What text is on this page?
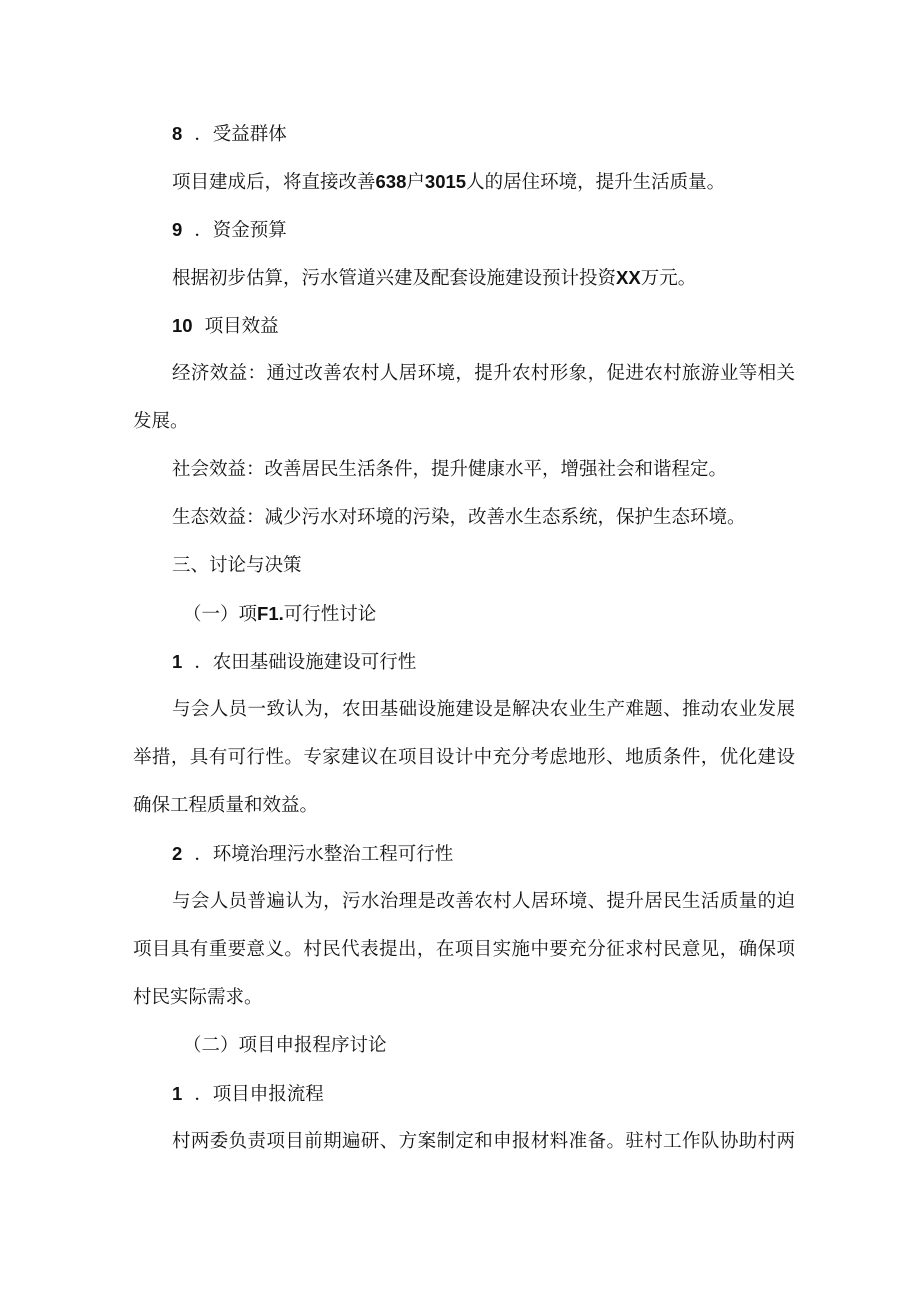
8 ．受益群体
项目建成后，将直接改善638户3015人的居住环境，提升生活质量。
9 ．资金预算
根据初步估算，污水管道兴建及配套设施建设预计投资XX万元。
10 项目效益
经济效益：通过改善农村人居环境，提升农村形象，促进农村旅游业等相关
发展。
社会效益：改善居民生活条件，提升健康水平，增强社会和谐程定。
生态效益：减少污水对环境的污染，改善水生态系统，保护生态环境。
三、讨论与决策
（一）项F1.可行性讨论
1 ．农田基础设施建设可行性
与会人员一致认为，农田基础设施建设是解决农业生产难题、推动农业发展
举措，具有可行性。专家建议在项目设计中充分考虑地形、地质条件，优化建设
确保工程质量和效益。
2 ．环境治理污水整治工程可行性
与会人员普遍认为，污水治理是改善农村人居环境、提升居民生活质量的迫
项目具有重要意义。村民代表提出，在项目实施中要充分征求村民意见，确保项
村民实际需求。
（二）项目申报程序讨论
1 ．项目申报流程
村两委负责项目前期遍研、方案制定和申报材料准备。驻村工作队协助村两
